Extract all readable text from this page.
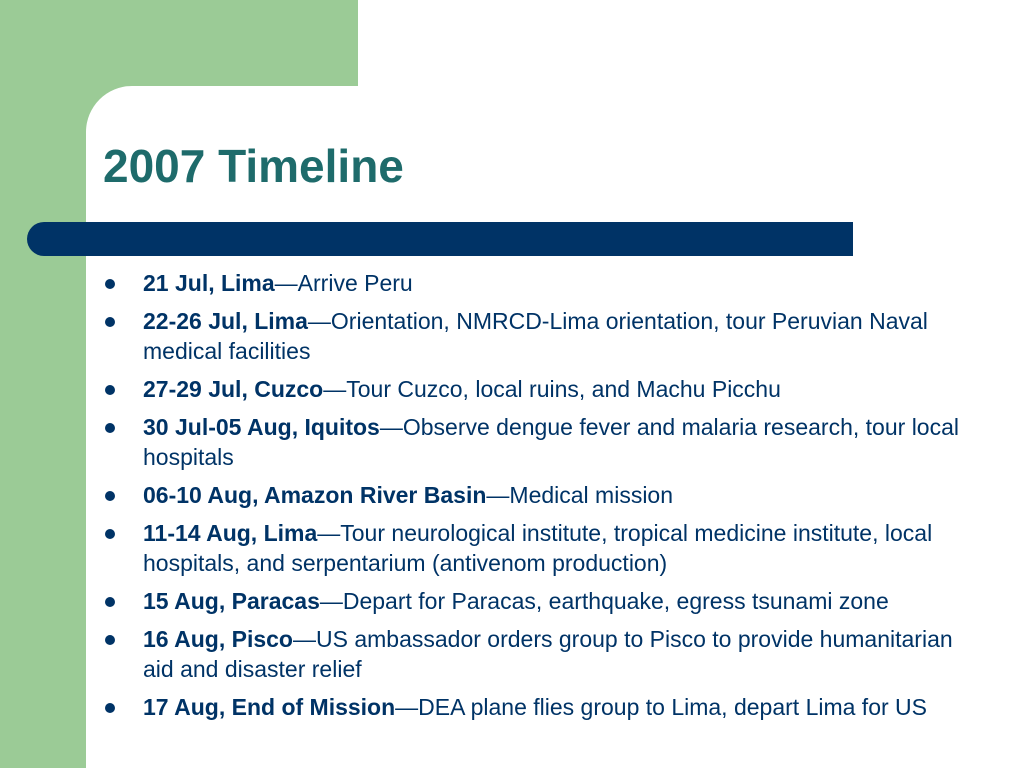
2007 Timeline
21 Jul, Lima—Arrive Peru
22-26 Jul, Lima—Orientation, NMRCD-Lima orientation, tour Peruvian Naval medical facilities
27-29 Jul, Cuzco—Tour Cuzco, local ruins, and Machu Picchu
30 Jul-05 Aug, Iquitos—Observe dengue fever and malaria research, tour local hospitals
06-10 Aug, Amazon River Basin—Medical mission
11-14 Aug, Lima—Tour neurological institute, tropical medicine institute, local hospitals, and serpentarium (antivenom production)
15 Aug, Paracas—Depart for Paracas, earthquake, egress tsunami zone
16 Aug, Pisco—US ambassador orders group to Pisco to provide humanitarian aid and disaster relief
17 Aug, End of Mission—DEA plane flies group to Lima, depart Lima for US
